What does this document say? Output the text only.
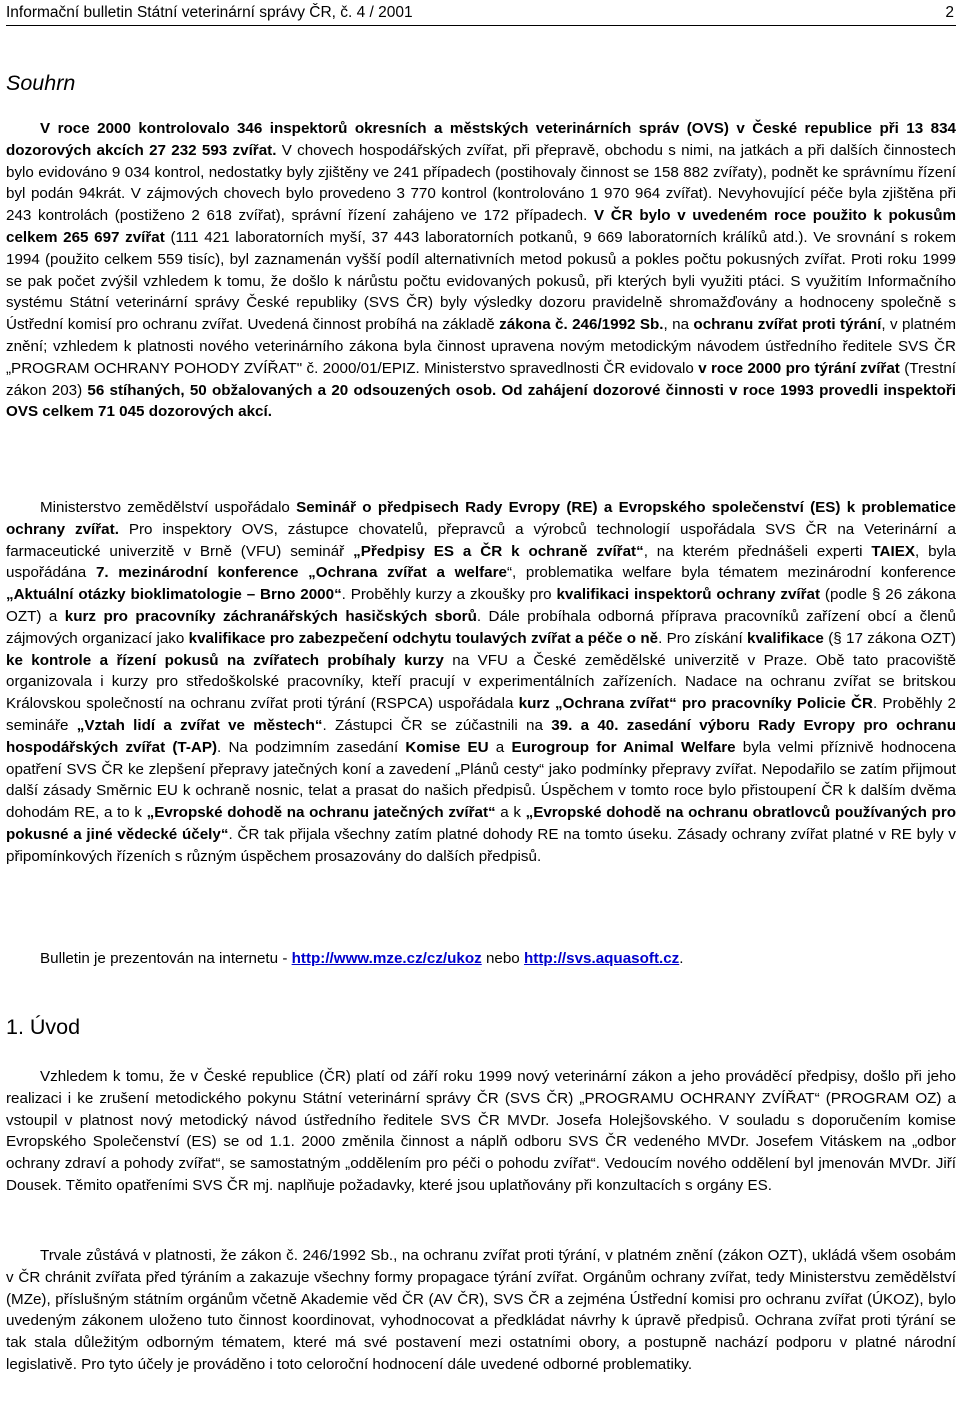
Informační bulletin Státní veterinární správy ČR, č. 4 / 2001	2
Souhrn

V roce 2000 kontrolovalo 346 inspektorů okresních a městských veterinárních správ (OVS) v České republice při 13 834 dozorových akcích 27 232 593 zvířat. V chovech hospodářských zvířat, při přepravě, obchodu s nimi, na jatkách a při dalších činnostech bylo evidováno 9 034 kontrol, nedostatky byly zjištěny ve 241 případech (postihovaly činnost se 158 882 zvířaty), podnět ke správnímu řízení byl podán 94krát. V zájmových chovech bylo provedeno 3 770 kontrol (kontrolováno 1 970 964 zvířat). Nevyhovující péče byla zjištěna při 243 kontrolách (postiženo 2 618 zvířat), správní řízení zahájeno ve 172 případech. V ČR bylo v uvedeném roce použito k pokusům celkem 265 697 zvířat (111 421 laboratorních myší, 37 443 laboratorních potkanů, 9 669 laboratorních králíků atd.). Ve srovnání s rokem 1994 (použito celkem 559 tisíc), byl zaznamenán vyšší podíl alternativních metod pokusů a pokles počtu pokusných zvířat. Proti roku 1999 se pak počet zvýšil vzhledem k tomu, že došlo k nárůstu počtu evidovaných pokusů, při kterých byli využiti ptáci. S využitím Informačního systému Státní veterinární správy České republiky (SVS ČR) byly výsledky dozoru pravidelně shromažďovány a hodnoceny společně s Ústřední komisí pro ochranu zvířat. Uvedená činnost probíhá na základě zákona č. 246/1992 Sb., na ochranu zvířat proti týrání, v platném znění; vzhledem k platnosti nového veterinárního zákona byla činnost upravena novým metodickým návodem ústředního ředitele SVS ČR „PROGRAM OCHRANY POHODY ZVÍŘAT" č. 2000/01/EPIZ. Ministerstvo spravedlnosti ČR evidovalo v roce 2000 pro týrání zvířat (Trestní zákon 203) 56 stíhaných, 50 obžalovaných a 20 odsouzených osob. Od zahájení dozorové činnosti v roce 1993 provedli inspektoři OVS celkem 71 045 dozorových akcí.

Ministerstvo zemědělství uspořádalo Seminář o předpisech Rady Evropy (RE) a Evropského společenství (ES) k problematice ochrany zvířat. Pro inspektory OVS, zástupce chovatelů, přepravců a výrobců technologií uspořádala SVS ČR na Veterinární a farmaceutické univerzitě v Brně (VFU) seminář „Předpisy ES a ČR k ochraně zvířat“, na kterém přednášeli experti TAIEX, byla uspořádána 7. mezinárodní konference „Ochrana zvířat a welfare“, problematika welfare byla tématem mezinárodní konference „Aktuální otázky bioklimatologie – Brno 2000“. Proběhly kurzy a zkoušky pro kvalifikaci inspektorů ochrany zvířat (podle § 26 zákona OZT) a kurz pro pracovníky záchranářských hasičských sborů. Dále probíhala odborná příprava pracovníků zařízení obcí a členů zájmových organizací jako kvalifikace pro zabezpečení odchytu toulavých zvířat a péče o ně. Pro získání kvalifikace (§ 17 zákona OZT) ke kontrole a řízení pokusů na zvířatech probíhaly kurzy na VFU a České zemědělské univerzitě v Praze. Obě tato pracoviště organizovala i kurzy pro středoškolské pracovníky, kteří pracují v experimentálních zařízeních. Nadace na ochranu zvířat se britskou Královskou společností na ochranu zvířat proti týrání (RSPCA) uspořádala kurz „Ochrana zvířat“ pro pracovníky Policie ČR. Proběhly 2 semináře „Vztah lidí a zvířat ve městech“. Zástupci ČR se zúčastnili na 39. a 40. zasedání výboru Rady Evropy pro ochranu hospodářských zvířat (T-AP). Na podzimním zasedání Komise EU a Eurogroup for Animal Welfare byla velmi příznivě hodnocena opatření SVS ČR ke zlepšení přepravy jatečných koní a zavedení „Plánů cesty“ jako podmínky přepravy zvířat. Nepodařilo se zatím přijmout další zásady Směrnic EU k ochraně nosnic, telat a prasat do našich předpisů. Úspěchem v tomto roce bylo přistoupení ČR k dalším dvěma dohodám RE, a to k „Evropské dohodě na ochranu jatečných zvířat“ a k „Evropské dohodě na ochranu obratlovců používaných pro pokusné a jiné vědecké účely“. ČR tak přijala všechny zatím platné dohody RE na tomto úseku. Zásady ochrany zvířat platné v RE byly v připomínkových řízeních s různým úspěchem prosazovány do dalších předpisů.

Bulletin je prezentován na internetu - http://www.mze.cz/cz/ukoz nebo http://svs.aquasoft.cz.

1. Úvod

Vzhledem k tomu, že v České republice (ČR) platí od září roku 1999 nový veterinární zákon a jeho prováděcí předpisy, došlo při jeho realizaci i ke zrušení metodického pokynu Státní veterinární správy ČR (SVS ČR) „PROGRAMU OCHRANY ZVÍŘAT“ (PROGRAM OZ) a vstoupil v platnost nový metodický návod ústředního ředitele SVS ČR MVDr. Josefa Holejšovského. V souladu s doporučením komise Evropského Společenství (ES) se od 1.1. 2000 změnila činnost a náplň odboru SVS ČR vedeného MVDr. Josefem Vitáskem na „odbor ochrany zdraví a pohody zvířat“, se samostatným „oddělením pro péči o pohodu zvířat“. Vedoucím nového oddělení byl jmenován MVDr. Jiří Dousek. Těmito opatřeními SVS ČR mj. naplňuje požadavky, které jsou uplatňovány při konzultacích s orgány ES.

Trvale zůstává v platnosti, že zákon č. 246/1992 Sb., na ochranu zvířat proti týrání, v platném znění (zákon OZT), ukládá všem osobám v ČR chránit zvířata před týráním a zakazuje všechny formy propagace týrání zvířat. Orgánům ochrany zvířat, tedy Ministerstvu zemědělství (MZe), příslušným státním orgánům včetně Akademie věd ČR (AV ČR), SVS ČR a zejména Ústřední komisi pro ochranu zvířat (ÚKOZ), bylo uvedeným zákonem uloženo tuto činnost koordinovat, vyhodnocovat a předkládat návrhy k úpravě předpisů. Ochrana zvířat proti týrání se tak stala důležitým odborným tématem, které má své postavení mezi ostatními obory, a postupně nachází podporu v platné národní legislativě. Pro tyto účely je prováděno i toto celoroční hodnocení dále uvedené odborné problematiky.
